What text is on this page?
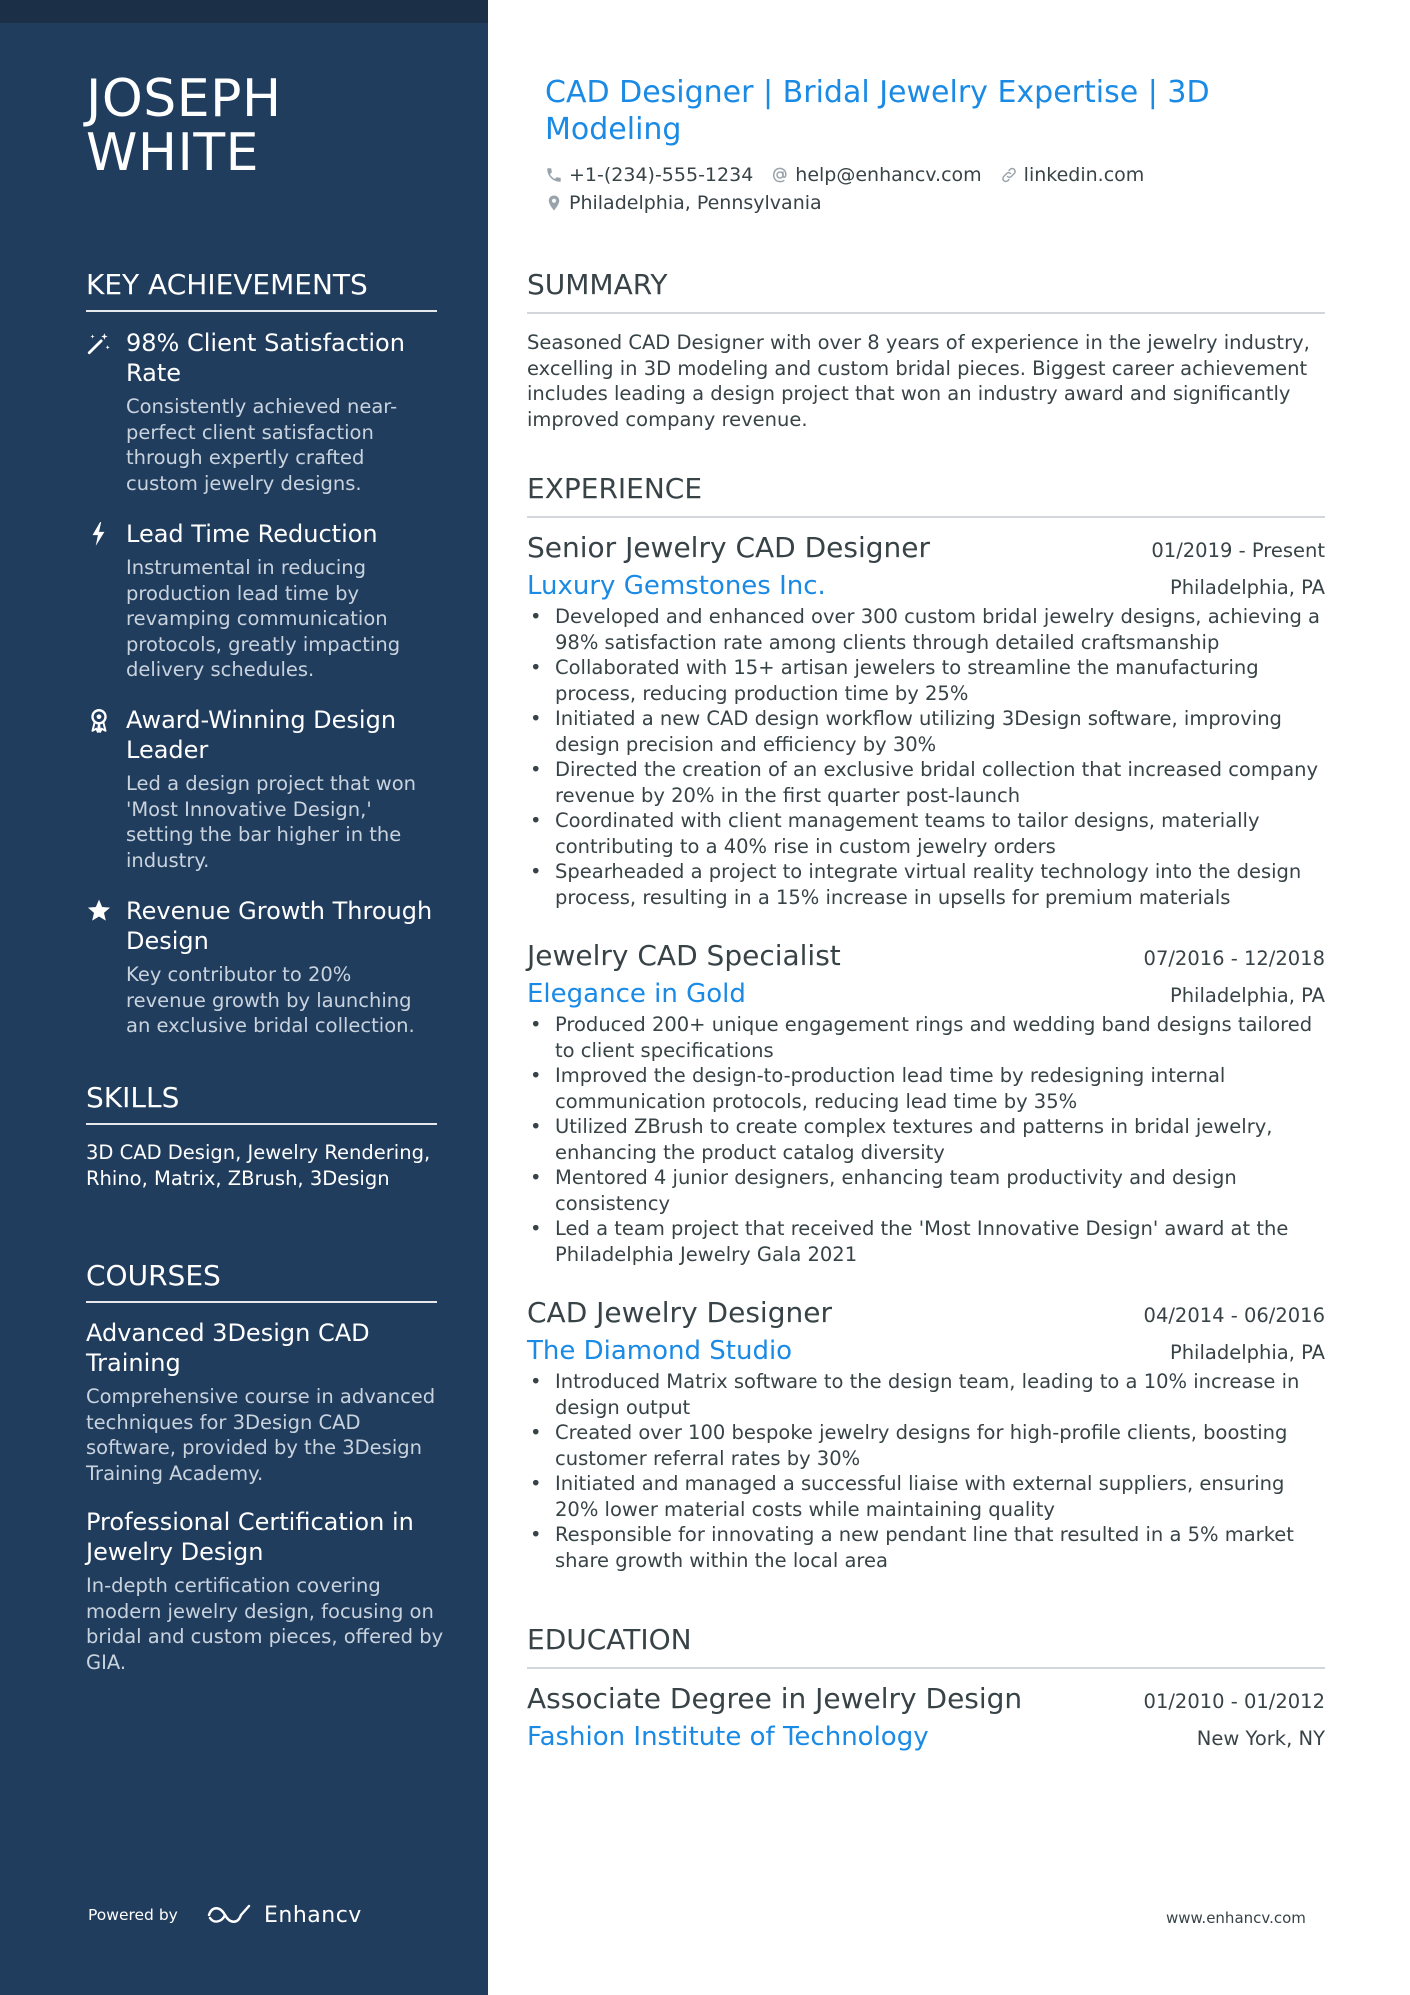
JOSEPH WHITE
KEY ACHIEVEMENTS
98% Client Satisfaction Rate
Consistently achieved near-perfect client satisfaction through expertly crafted custom jewelry designs.
Lead Time Reduction
Instrumental in reducing production lead time by revamping communication protocols, greatly impacting delivery schedules.
Award-Winning Design Leader
Led a design project that won 'Most Innovative Design,' setting the bar higher in the industry.
Revenue Growth Through Design
Key contributor to 20% revenue growth by launching an exclusive bridal collection.
SKILLS
3D CAD Design, Jewelry Rendering, Rhino, Matrix, ZBrush, 3Design
COURSES
Advanced 3Design CAD Training
Comprehensive course in advanced techniques for 3Design CAD software, provided by the 3Design Training Academy.
Professional Certification in Jewelry Design
In-depth certification covering modern jewelry design, focusing on bridal and custom pieces, offered by GIA.
Powered by	Enhancv
CAD Designer | Bridal Jewelry Expertise | 3D Modeling
+1-(234)-555-1234 help@enhancv.com linkedin.com
Philadelphia, Pennsylvania
SUMMARY
Seasoned CAD Designer with over 8 years of experience in the jewelry industry, excelling in 3D modeling and custom bridal pieces. Biggest career achievement includes leading a design project that won an industry award and significantly improved company revenue.
EXPERIENCE
Senior Jewelry CAD Designer	01/2019 - Present
Luxury Gemstones Inc.	Philadelphia, PA
• Developed and enhanced over 300 custom bridal jewelry designs, achieving a 98% satisfaction rate among clients through detailed craftsmanship
• Collaborated with 15+ artisan jewelers to streamline the manufacturing process, reducing production time by 25%
• Initiated a new CAD design workflow utilizing 3Design software, improving design precision and efficiency by 30%
• Directed the creation of an exclusive bridal collection that increased company revenue by 20% in the first quarter post-launch
• Coordinated with client management teams to tailor designs, materially contributing to a 40% rise in custom jewelry orders
• Spearheaded a project to integrate virtual reality technology into the design process, resulting in a 15% increase in upsells for premium materials
Jewelry CAD Specialist	07/2016 - 12/2018
Elegance in Gold	Philadelphia, PA
• Produced 200+ unique engagement rings and wedding band designs tailored to client specifications
• Improved the design-to-production lead time by redesigning internal communication protocols, reducing lead time by 35%
• Utilized ZBrush to create complex textures and patterns in bridal jewelry, enhancing the product catalog diversity
• Mentored 4 junior designers, enhancing team productivity and design consistency
• Led a team project that received the 'Most Innovative Design' award at the Philadelphia Jewelry Gala 2021
CAD Jewelry Designer	04/2014 - 06/2016
The Diamond Studio	Philadelphia, PA
• Introduced Matrix software to the design team, leading to a 10% increase in design output
• Created over 100 bespoke jewelry designs for high-profile clients, boosting customer referral rates by 30%
• Initiated and managed a successful liaise with external suppliers, ensuring 20% lower material costs while maintaining quality
• Responsible for innovating a new pendant line that resulted in a 5% market share growth within the local area
EDUCATION
Associate Degree in Jewelry Design	01/2010 - 01/2012
Fashion Institute of Technology	New York, NY
www.enhancv.com
